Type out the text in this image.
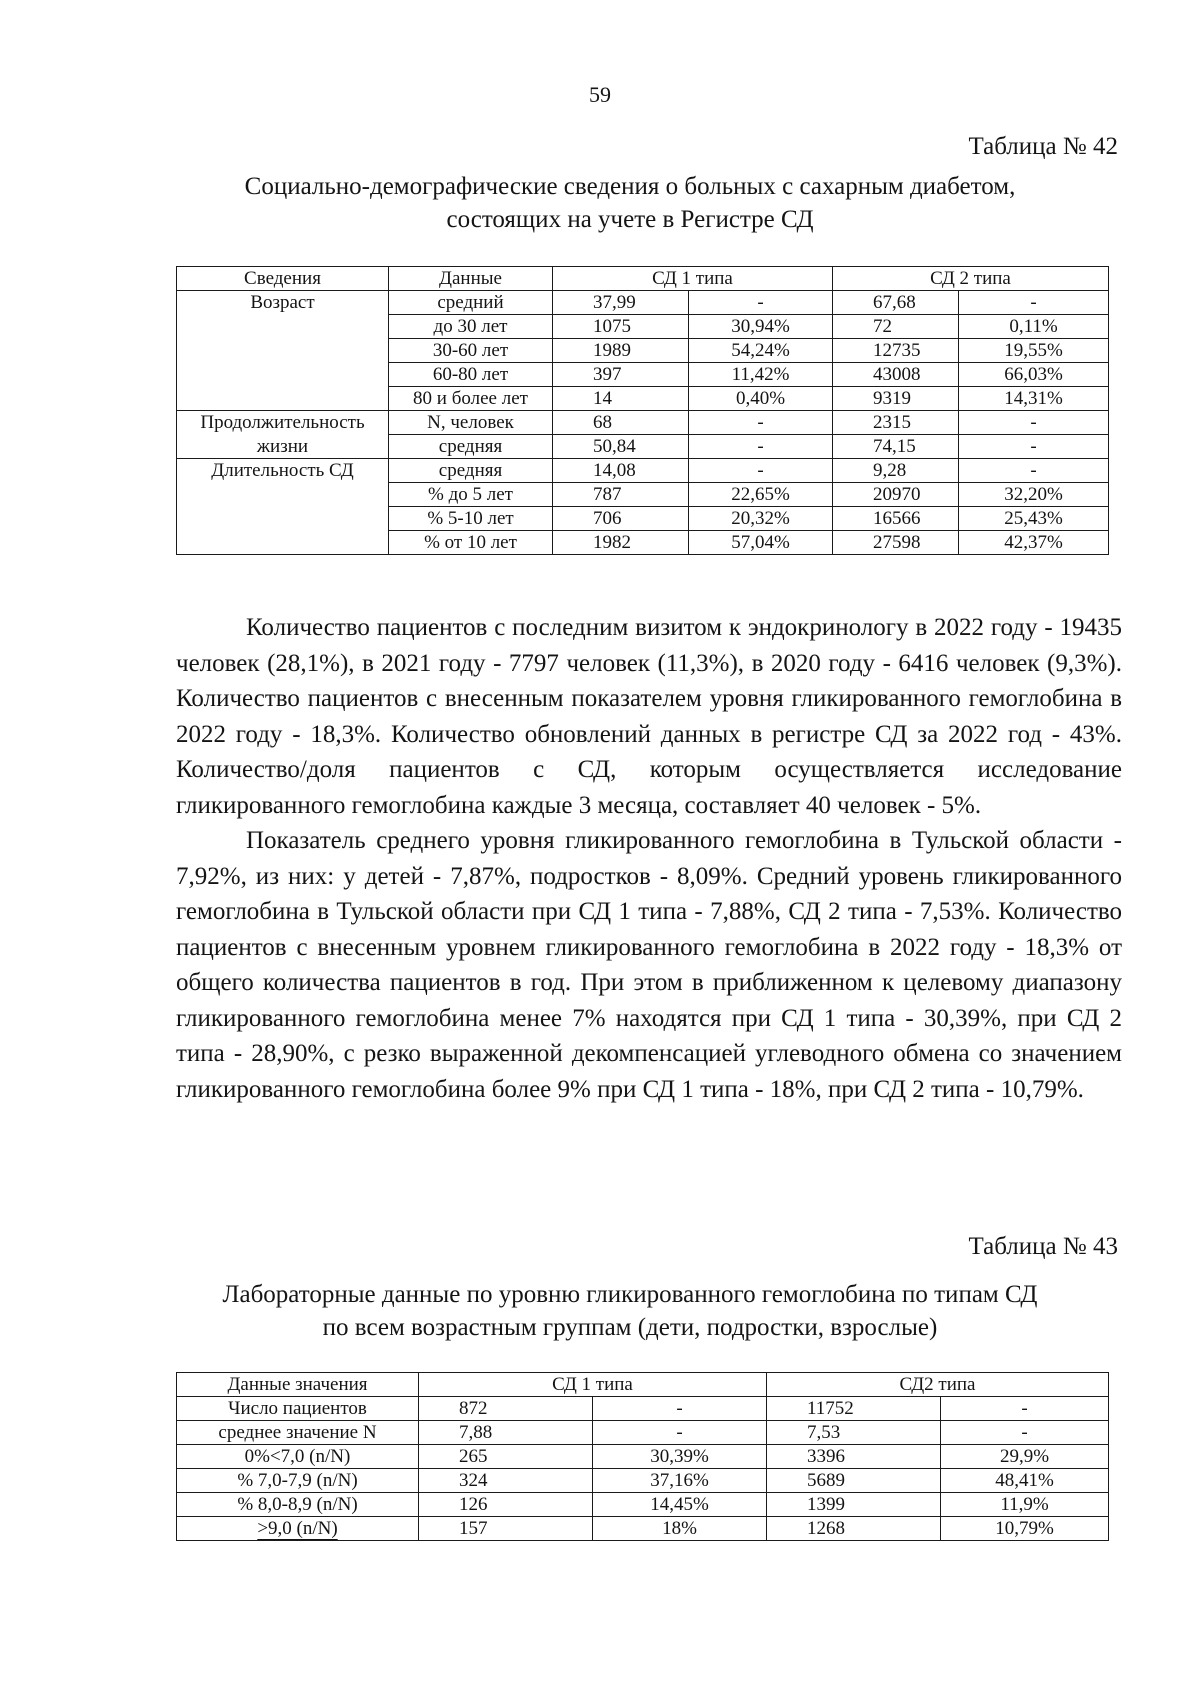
59
Таблица № 42
Социально-демографические сведения о больных с сахарным диабетом,
состоящих на учете в Регистре СД
Сведения	Данные	СД 1 типа		СД 2 типа	
Возраст	средний	37,99	-	67,68	-
	до 30 лет	1075	30,94%	72	0,11%
	30-60 лет	1989	54,24%	12735	19,55%
	60-80 лет	397	11,42%	43008	66,03%
	80 и более лет	14	0,40%	9319	14,31%
Продолжительность	N, человек	68	-	2315	-
жизни	средняя	50,84	-	74,15	-
Длительность СД	средняя	14,08	-	9,28	-
	% до 5 лет	787	22,65%	20970	32,20%
	% 5-10 лет	706	20,32%	16566	25,43%
	% от 10 лет	1982	57,04%	27598	42,37%

Количество пациентов с последним визитом к эндокринологу в 2022 году - 19435 человек (28,1%), в 2021 году - 7797 человек (11,3%), в 2020 году - 6416 человек (9,3%). Количество пациентов с внесенным показателем уровня гликированного гемоглобина в 2022 году - 18,3%. Количество обновлений данных в регистре СД за 2022 год - 43%. Количество/доля пациентов с СД, которым осуществляется исследование гликированного гемоглобина каждые 3 месяца, составляет 40 человек - 5%.

Показатель среднего уровня гликированного гемоглобина в Тульской области - 7,92%, из них: у детей - 7,87%, подростков - 8,09%. Средний уровень гликированного гемоглобина в Тульской области при СД 1 типа - 7,88%, СД 2 типа - 7,53%. Количество пациентов с внесенным уровнем гликированного гемоглобина в 2022 году - 18,3% от общего количества пациентов в год. При этом в приближенном к целевому диапазону гликированного гемоглобина менее 7% находятся при СД 1 типа - 30,39%, при СД 2 типа - 28,90%, с резко выраженной декомпенсацией углеводного обмена со значением гликированного гемоглобина более 9% при СД 1 типа - 18%, при СД 2 типа - 10,79%.

Таблица № 43
Лабораторные данные по уровню гликированного гемоглобина по типам СД
по всем возрастным группам (дети, подростки, взрослые)
Данные значения	СД 1 типа		СД2 типа	
Число пациентов	872	-	11752	-
среднее значение N	7,88	-	7,53	-
0%<7,0 (n/N)	265	30,39%	3396	29,9%
% 7,0-7,9 (n/N)	324	37,16%	5689	48,41%
% 8,0-8,9 (n/N)	126	14,45%	1399	11,9%
>9,0 (n/N)	157	18%	1268	10,79%
